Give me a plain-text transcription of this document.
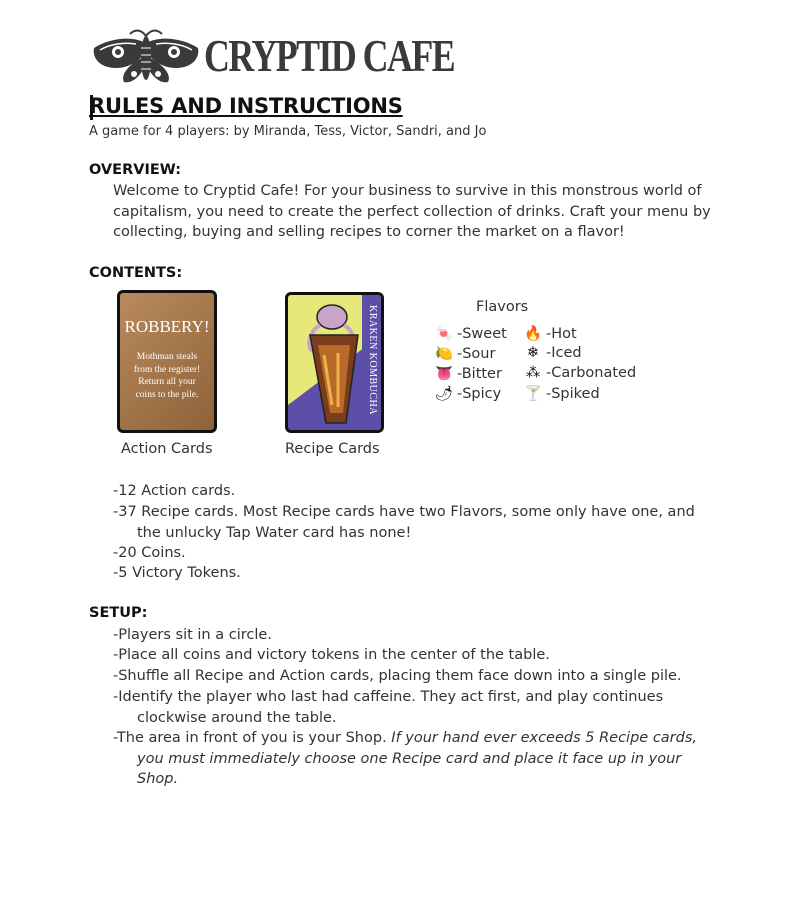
CRYPTID CAFE
RULES AND INSTRUCTIONS
A game for 4 players: by Miranda, Tess, Victor, Sandri, and Jo
OVERVIEW:
Welcome to Cryptid Cafe! For your business to survive in this monstrous world of capitalism, you need to create the perfect collection of drinks. Craft your menu by collecting, buying and selling recipes to corner the market on a flavor!
CONTENTS:
ROBBERY!
Mothman steals from the register! Return all your coins to the pile.
Action Cards
KRAKEN KOMBUCHA
Recipe Cards
Flavors
🍬 -Sweet
🍋 -Sour
👅 -Bitter
🌶 -Spicy
🔥 -Hot
❄ -Iced
⁂ -Carbonated
🍸 -Spiked
-12 Action cards.
-37 Recipe cards. Most Recipe cards have two Flavors, some only have one, and the unlucky Tap Water card has none!
-20 Coins.
-5 Victory Tokens.
SETUP:
-Players sit in a circle.
-Place all coins and victory tokens in the center of the table.
-Shuffle all Recipe and Action cards, placing them face down into a single pile.
-Identify the player who last had caffeine. They act first, and play continues clockwise around the table.
-The area in front of you is your Shop. If your hand ever exceeds 5 Recipe cards, you must immediately choose one Recipe card and place it face up in your Shop.
